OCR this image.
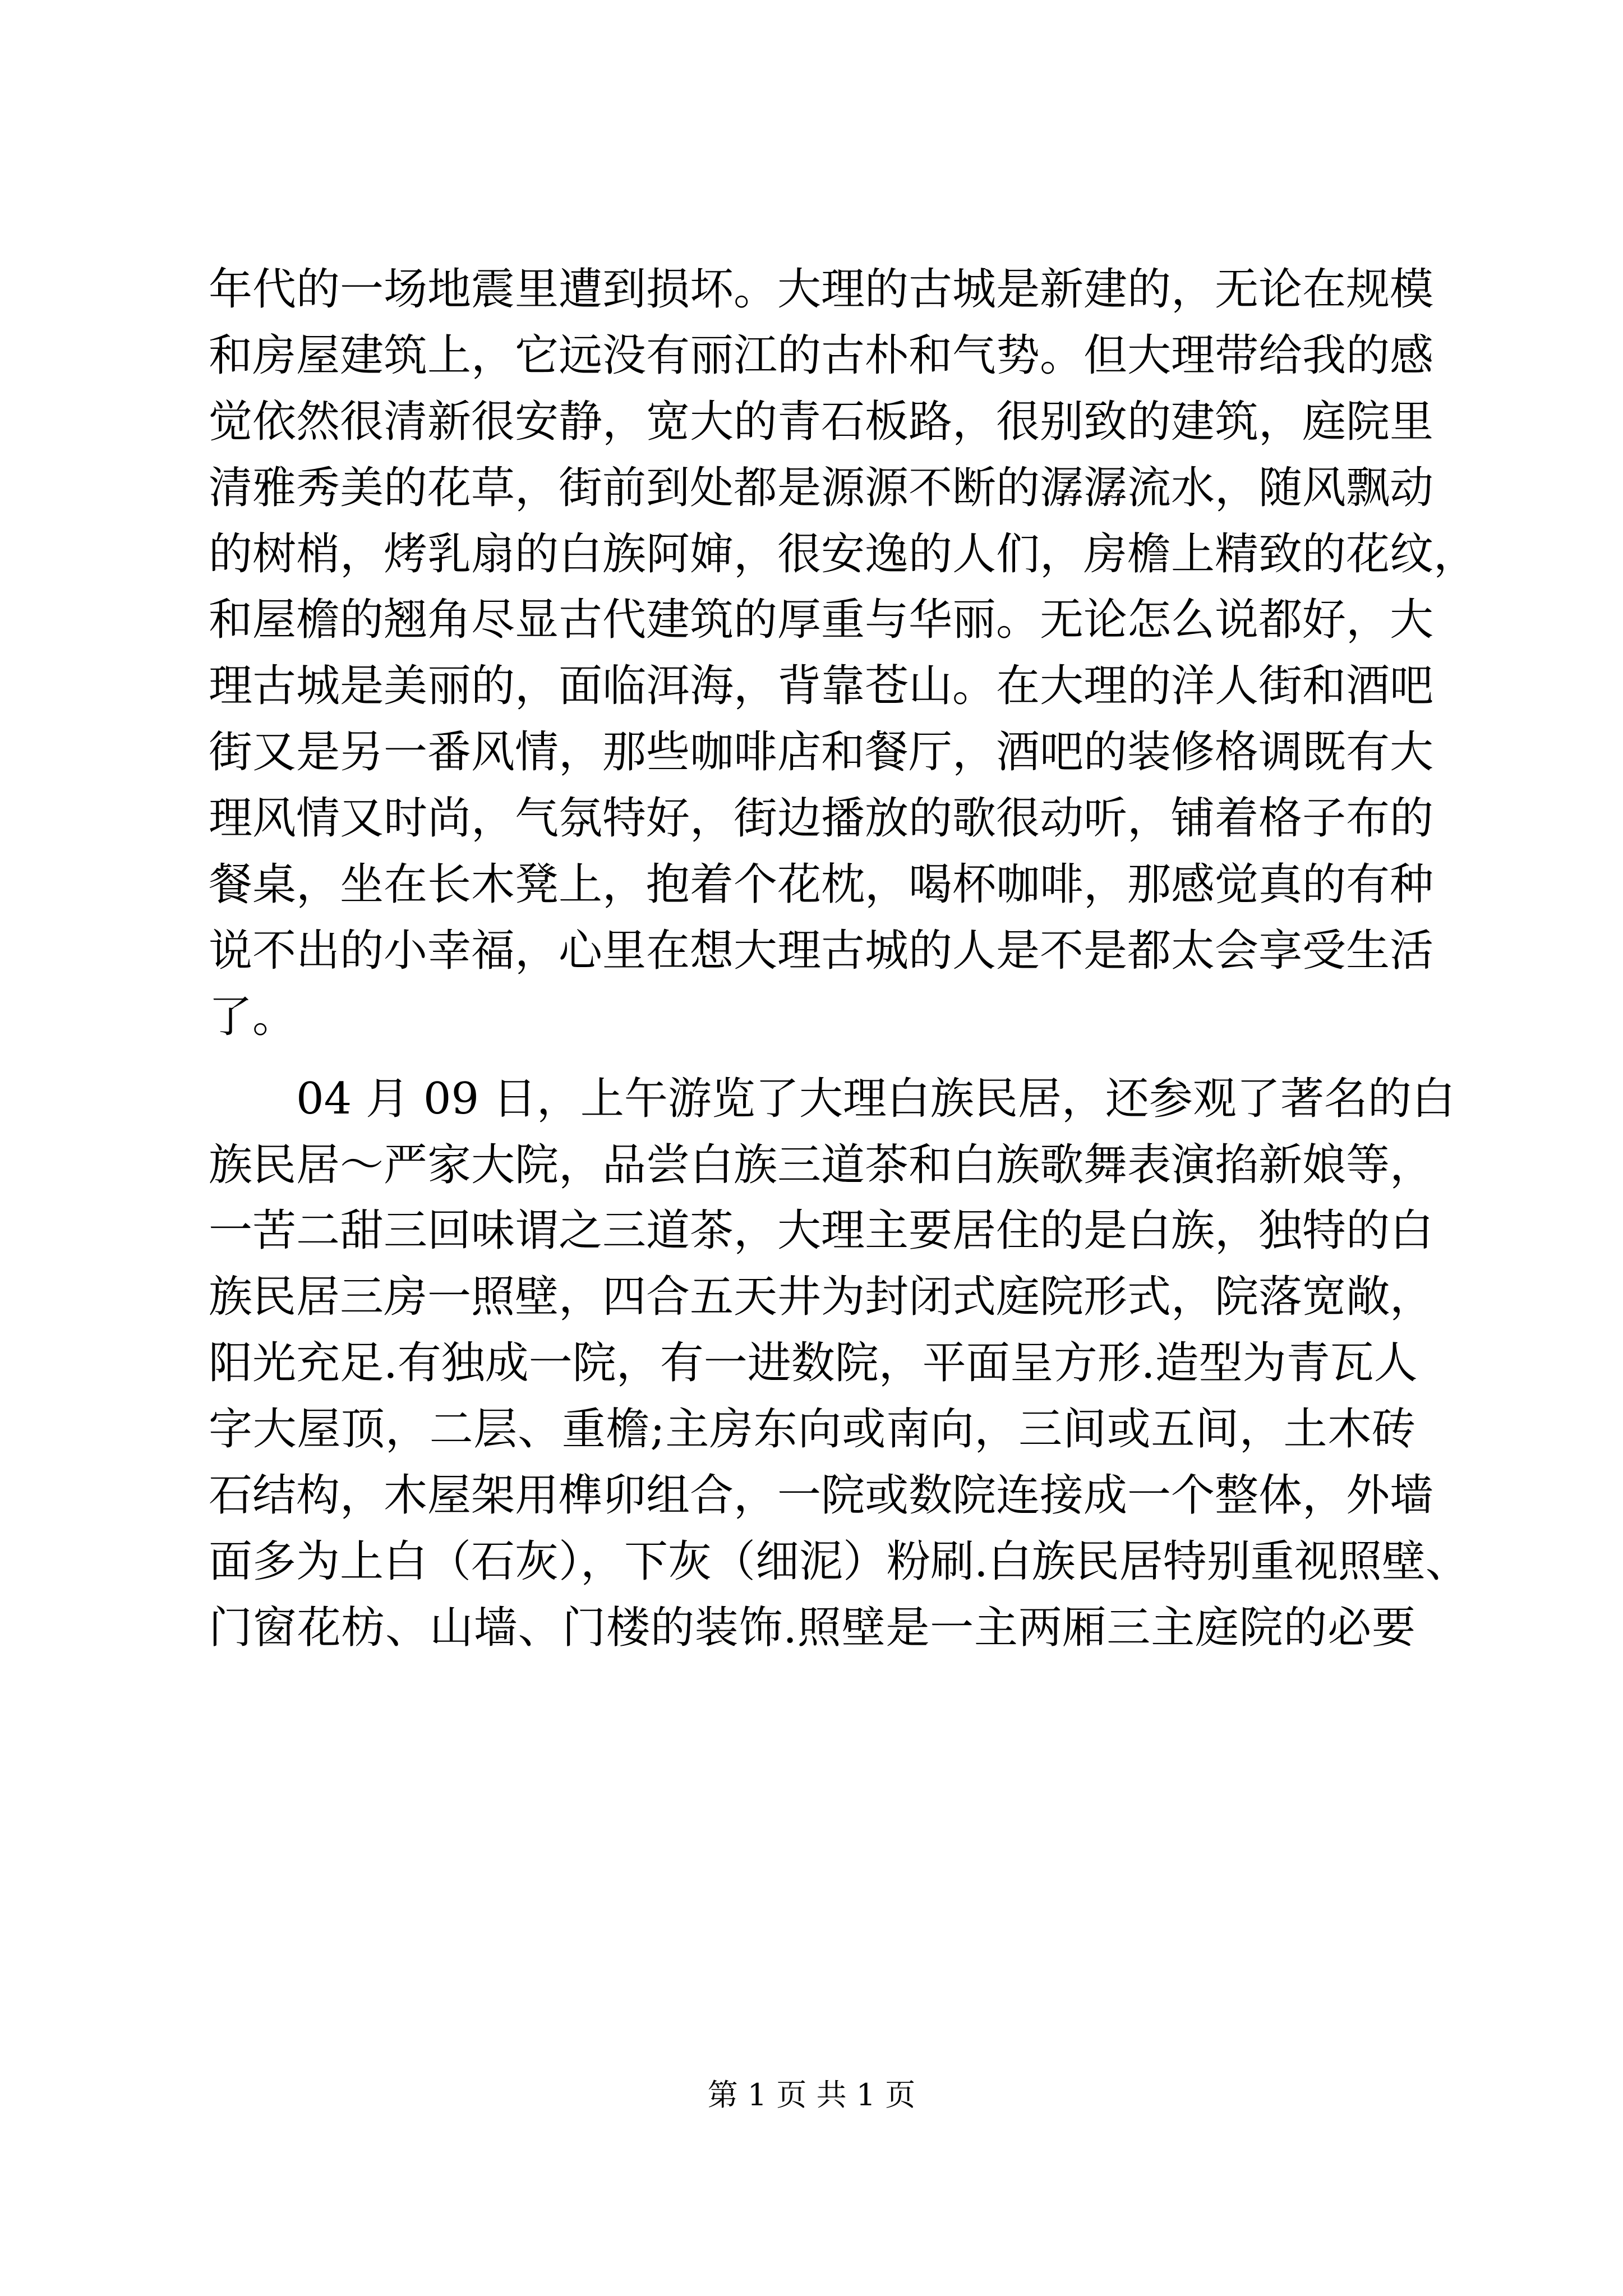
年代的一场地震里遭到损坏。大理的古城是新建的，无论在规模
和房屋建筑上，它远没有丽江的古朴和气势。但大理带给我的感
觉依然很清新很安静，宽大的青石板路，很别致的建筑，庭院里
清雅秀美的花草，街前到处都是源源不断的潺潺流水，随风飘动
的树梢，烤乳扇的白族阿婶，很安逸的人们，房檐上精致的花纹，
和屋檐的翘角尽显古代建筑的厚重与华丽。无论怎么说都好，大
理古城是美丽的，面临洱海，背靠苍山。在大理的洋人街和酒吧
街又是另一番风情，那些咖啡店和餐厅，酒吧的装修格调既有大
理风情又时尚，气氛特好，街边播放的歌很动听，铺着格子布的
餐桌，坐在长木凳上，抱着个花枕，喝杯咖啡，那感觉真的有种
说不出的小幸福，心里在想大理古城的人是不是都太会享受生活
了。
04 月 09 日，上午游览了大理白族民居，还参观了著名的白
族民居～严家大院，品尝白族三道茶和白族歌舞表演掐新娘等，
一苦二甜三回味谓之三道茶，大理主要居住的是白族，独特的白
族民居三房一照壁，四合五天井为封闭式庭院形式，院落宽敞，
阳光充足.有独成一院，有一进数院，平面呈方形.造型为青瓦人
字大屋顶，二层、重檐;主房东向或南向，三间或五间，土木砖
石结构，木屋架用榫卯组合，一院或数院连接成一个整体，外墙
面多为上白（石灰），下灰（细泥）粉刷.白族民居特别重视照壁、
门窗花枋、山墙、门楼的装饰.照壁是一主两厢三主庭院的必要
第 1 页 共 1 页
